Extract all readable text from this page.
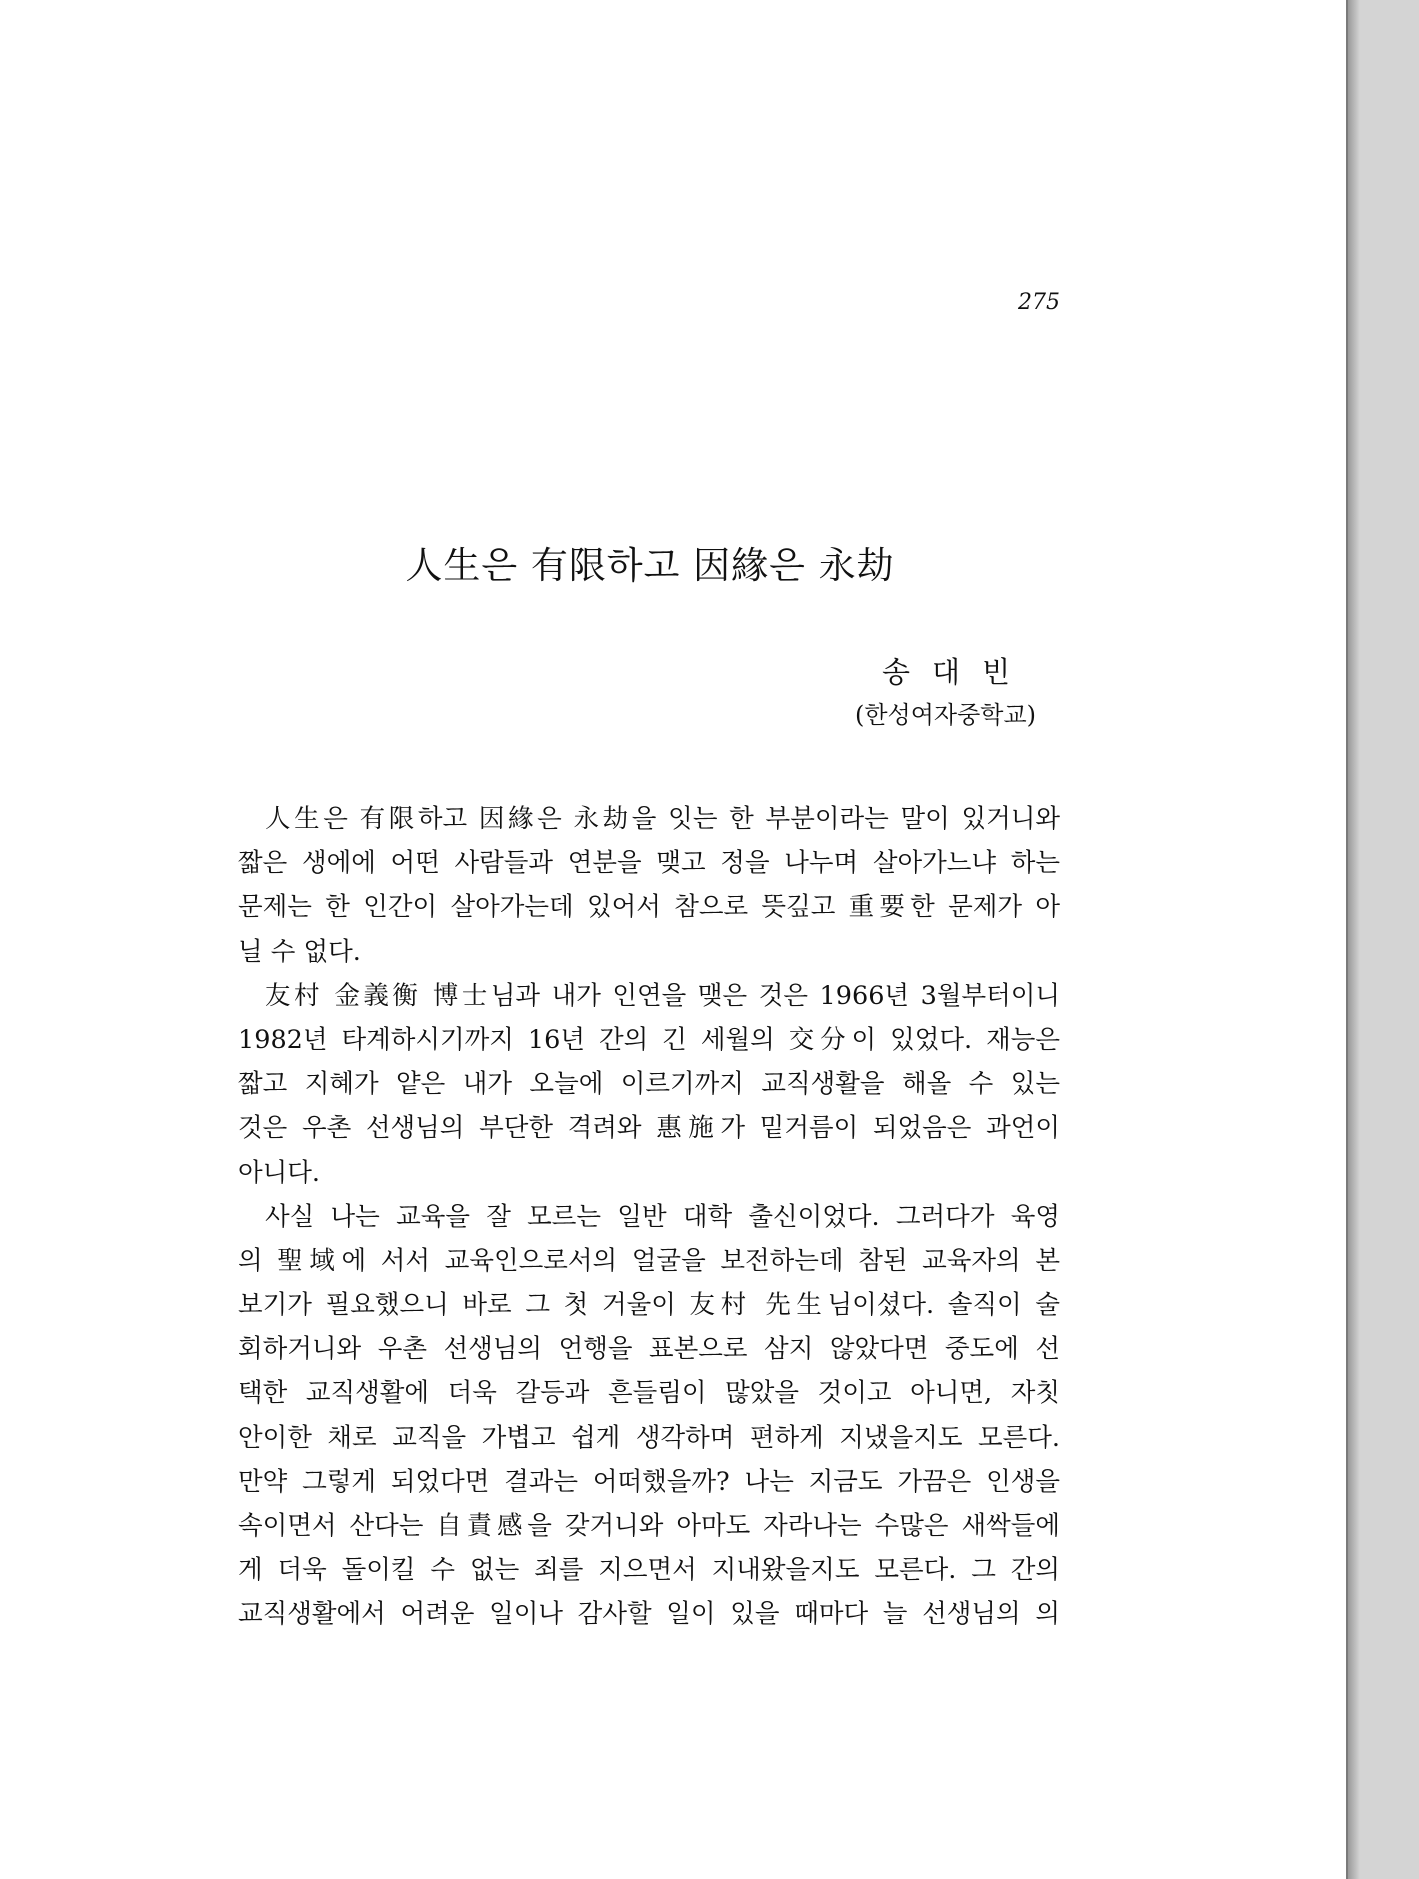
275
人生은 有限하고 因緣은 永劫
송대빈
(한성여자중학교)
人生은 有限하고 因緣은 永劫을 잇는 한 부분이라는 말이 있거니와
짧은 생에에 어떤 사람들과 연분을 맺고 정을 나누며 살아가느냐 하는
문제는 한 인간이 살아가는데 있어서 참으로 뜻깊고 重要한 문제가 아
닐 수 없다.
友村 金義衡 博士님과 내가 인연을 맺은 것은 1966년 3월부터이니
1982년 타계하시기까지 16년 간의 긴 세월의 交分이 있었다. 재능은
짧고 지혜가 얕은 내가 오늘에 이르기까지 교직생활을 해올 수 있는
것은 우촌 선생님의 부단한 격려와 惠施가 밑거름이 되었음은 과언이
아니다.
사실 나는 교육을 잘 모르는 일반 대학 출신이었다. 그러다가 육영
의 聖域에 서서 교육인으로서의 얼굴을 보전하는데 참된 교육자의 본
보기가 필요했으니 바로 그 첫 거울이 友村 先生님이셨다. 솔직이 술
회하거니와 우촌 선생님의 언행을 표본으로 삼지 않았다면 중도에 선
택한 교직생활에 더욱 갈등과 흔들림이 많았을 것이고 아니면, 자칫
안이한 채로 교직을 가볍고 쉽게 생각하며 편하게 지냈을지도 모른다.
만약 그렇게 되었다면 결과는 어떠했을까? 나는 지금도 가끔은 인생을
속이면서 산다는 自責感을 갖거니와 아마도 자라나는 수많은 새싹들에
게 더욱 돌이킬 수 없는 죄를 지으면서 지내왔을지도 모른다. 그 간의
교직생활에서 어려운 일이나 감사할 일이 있을 때마다 늘 선생님의 의
